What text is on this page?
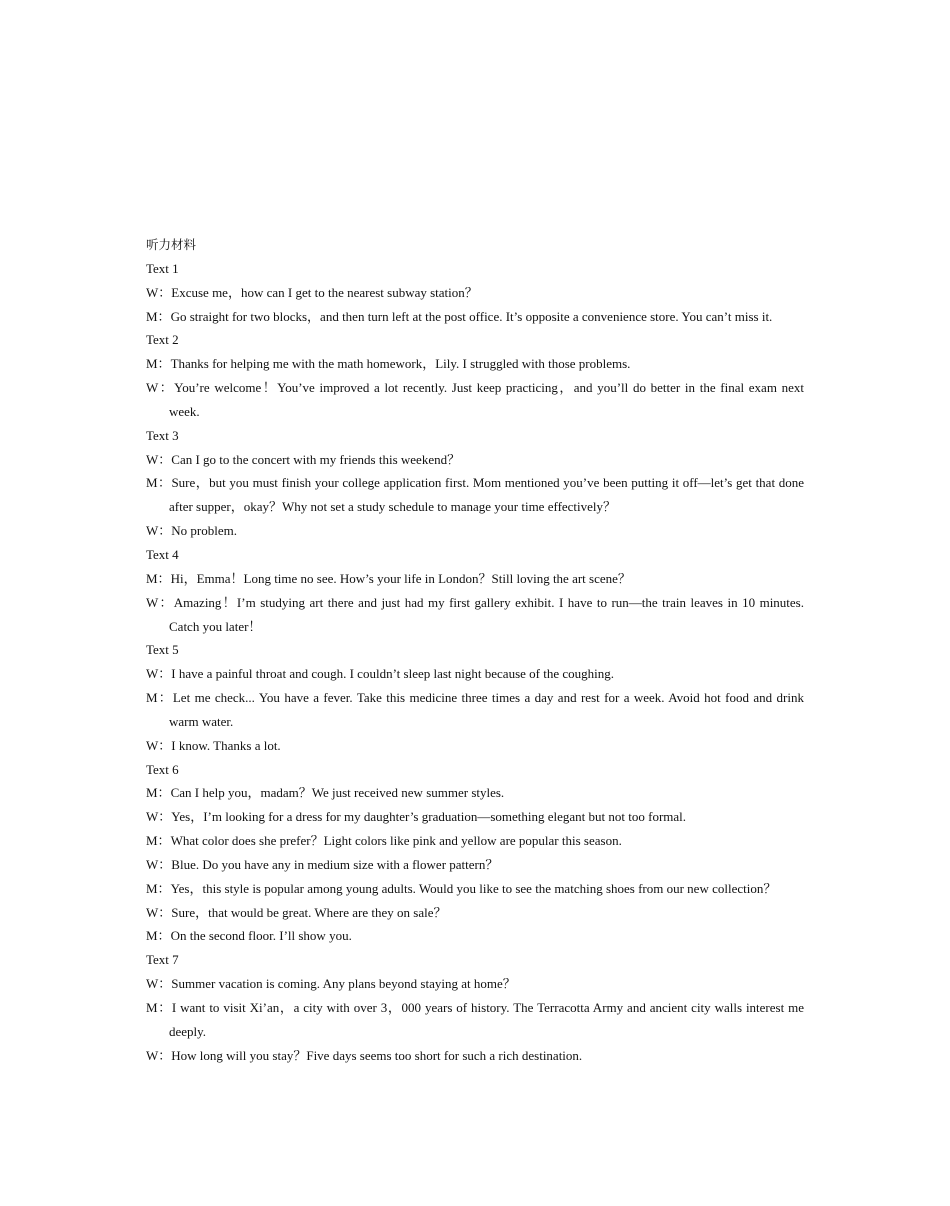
听力材料

Text 1

W：Excuse me，how can I get to the nearest subway station？

M：Go straight for two blocks，and then turn left at the post office. It’s opposite a convenience store. You can’t miss it.

Text 2

M：Thanks for helping me with the math homework，Lily. I struggled with those problems.

W：You’re welcome！You’ve improved a lot recently. Just keep practicing，and you’ll do better in the final exam next week.

Text 3

W：Can I go to the concert with my friends this weekend？

M：Sure，but you must finish your college application first. Mom mentioned you’ve been putting it off—let’s get that done after supper，okay？Why not set a study schedule to manage your time effectively？

W：No problem.

Text 4

M：Hi，Emma！Long time no see. How’s your life in London？Still loving the art scene？

W：Amazing！I’m studying art there and just had my first gallery exhibit. I have to run—the train leaves in 10 minutes. Catch you later！

Text 5

W：I have a painful throat and cough. I couldn’t sleep last night because of the coughing.

M：Let me check... You have a fever. Take this medicine three times a day and rest for a week. Avoid hot food and drink warm water.

W：I know. Thanks a lot.

Text 6

M：Can I help you，madam？We just received new summer styles.

W：Yes，I’m looking for a dress for my daughter’s graduation—something elegant but not too formal.

M：What color does she prefer？Light colors like pink and yellow are popular this season.

W：Blue. Do you have any in medium size with a flower pattern？

M：Yes，this style is popular among young adults. Would you like to see the matching shoes from our new collection？

W：Sure，that would be great. Where are they on sale？

M：On the second floor. I’ll show you.

Text 7

W：Summer vacation is coming. Any plans beyond staying at home？

M：I want to visit Xi’an，a city with over 3，000 years of history. The Terracotta Army and ancient city walls interest me deeply.

W：How long will you stay？Five days seems too short for such a rich destination.
